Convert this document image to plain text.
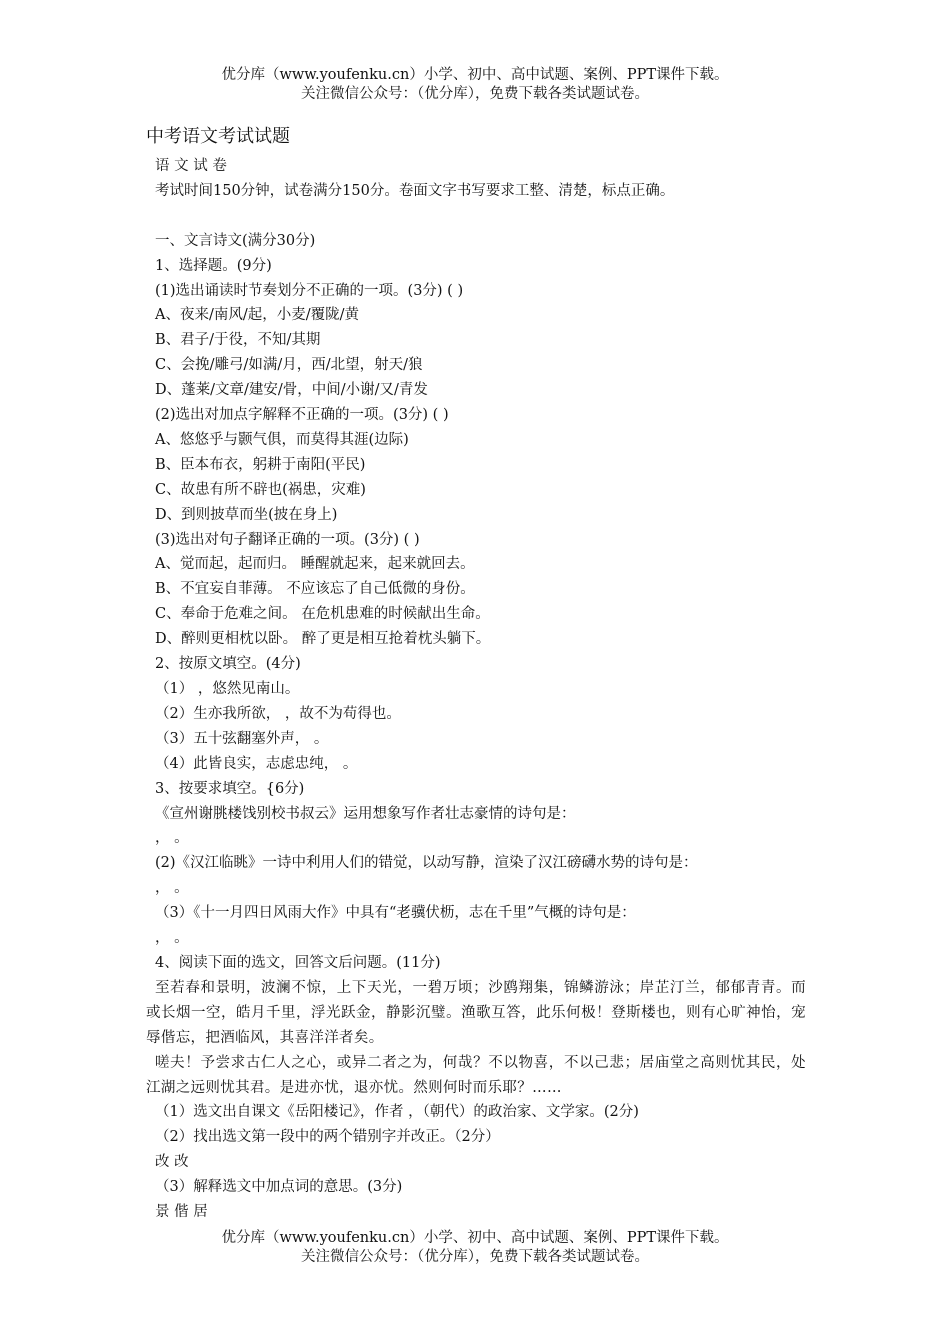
优分库（www.youfenku.cn）小学、初中、高中试题、案例、PPT课件下载。
关注微信公众号：（优分库），免费下载各类试题试卷。
中考语文考试试题
语 文 试 卷
考试时间150分钟，试卷满分150分。卷面文字书写要求工整、清楚，标点正确。
一、文言诗文(满分30分)
1、选择题。(9分)
(1)选出诵读时节奏划分不正确的一项。(3分) ( )
A、夜来/南风/起，小麦/覆陇/黄
B、君子/于役，不知/其期
C、会挽/雕弓/如满/月，西/北望，射天/狼
D、蓬莱/文章/建安/骨，中间/小谢/又/青发
(2)选出对加点字解释不正确的一项。(3分) ( )
A、悠悠乎与颢气俱，而莫得其涯(边际)
B、臣本布衣，躬耕于南阳(平民)
C、故患有所不辟也(祸患，灾难)
D、到则披草而坐(披在身上)
(3)选出对句子翻译正确的一项。(3分) ( )
A、觉而起，起而归。 睡醒就起来，起来就回去。
B、不宜妄自菲薄。 不应该忘了自己低微的身份。
C、奉命于危难之间。 在危机患难的时候献出生命。
D、醉则更相枕以卧。 醉了更是相互抢着枕头躺下。
2、按原文填空。(4分)
（1） ，悠然见南山。
（2）生亦我所欲， ，故不为苟得也。
（3）五十弦翻塞外声， 。
（4）此皆良实，志虑忠纯， 。
3、按要求填空。{6分)
《宣州谢朓楼饯别校书叔云》运用想象写作者壮志豪情的诗句是：
， 。
(2)《汉江临眺》一诗中利用人们的错觉，以动写静，渲染了汉江磅礴水势的诗句是：
， 。
（3）《十一月四日风雨大作》中具有“老骥伏枥，志在千里”气概的诗句是：
， 。
4、阅读下面的选文，回答文后问题。(11分)
至若春和景明，波澜不惊，上下天光，一碧万顷；沙鸥翔集，锦鳞游泳；岸芷汀兰，郁郁青青。而或长烟一空，皓月千里，浮光跃金，静影沉璧。渔歌互答，此乐何极！登斯楼也，则有心旷神怡，宠辱偕忘，把酒临风，其喜洋洋者矣。
嗟夫！予尝求古仁人之心，或异二者之为，何哉？不以物喜，不以己悲；居庙堂之高则忧其民，处江湖之远则忧其君。是进亦忧，退亦忧。然则何时而乐耶？……
（1）选文出自课文《岳阳楼记》，作者 ，（朝代）的政治家、文学家。(2分)
（2）找出选文第一段中的两个错别字并改正。（2分）
改 改
（3）解释选文中加点词的意思。(3分)
景 偕 居
优分库（www.youfenku.cn）小学、初中、高中试题、案例、PPT课件下载。
关注微信公众号：（优分库），免费下载各类试题试卷。
